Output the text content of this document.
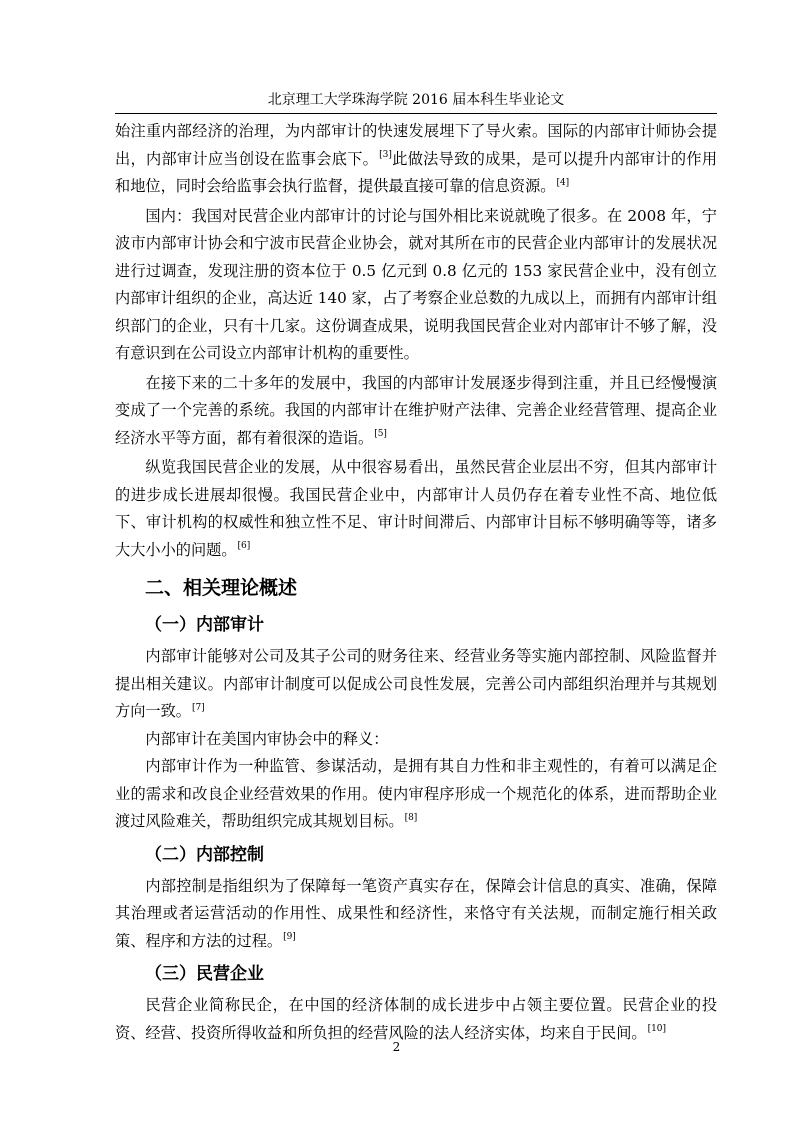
北京理工大学珠海学院 2016 届本科生毕业论文

始注重内部经济的治理，为内部审计的快速发展埋下了导火索。国际的内部审计师协会提出，内部审计应当创设在监事会底下。[3]此做法导致的成果，是可以提升内部审计的作用和地位，同时会给监事会执行监督，提供最直接可靠的信息资源。[4]

国内：我国对民营企业内部审计的讨论与国外相比来说就晚了很多。在 2008 年，宁波市内部审计协会和宁波市民营企业协会，就对其所在市的民营企业内部审计的发展状况进行过调查，发现注册的资本位于 0.5 亿元到 0.8 亿元的 153 家民营企业中，没有创立内部审计组织的企业，高达近 140 家，占了考察企业总数的九成以上，而拥有内部审计组织部门的企业，只有十几家。这份调查成果，说明我国民营企业对内部审计不够了解，没有意识到在公司设立内部审计机构的重要性。

在接下来的二十多年的发展中，我国的内部审计发展逐步得到注重，并且已经慢慢演变成了一个完善的系统。我国的内部审计在维护财产法律、完善企业经营管理、提高企业经济水平等方面，都有着很深的造诣。[5]

纵览我国民营企业的发展，从中很容易看出，虽然民营企业层出不穷，但其内部审计的进步成长进展却很慢。我国民营企业中，内部审计人员仍存在着专业性不高、地位低下、审计机构的权威性和独立性不足、审计时间滞后、内部审计目标不够明确等等，诸多大大小小的问题。[6]

二、相关理论概述
（一）内部审计

内部审计能够对公司及其子公司的财务往来、经营业务等实施内部控制、风险监督并提出相关建议。内部审计制度可以促成公司良性发展，完善公司内部组织治理并与其规划方向一致。[7]

内部审计在美国内审协会中的释义：

内部审计作为一种监管、参谋活动，是拥有其自力性和非主观性的，有着可以满足企业的需求和改良企业经营效果的作用。使内审程序形成一个规范化的体系，进而帮助企业渡过风险难关，帮助组织完成其规划目标。[8]

（二）内部控制

内部控制是指组织为了保障每一笔资产真实存在，保障会计信息的真实、准确，保障其治理或者运营活动的作用性、成果性和经济性，来恪守有关法规，而制定施行相关政策、程序和方法的过程。[9]

（三）民营企业

民营企业简称民企，在中国的经济体制的成长进步中占领主要位置。民营企业的投资、经营、投资所得收益和所负担的经营风险的法人经济实体，均来自于民间。[10]

2
